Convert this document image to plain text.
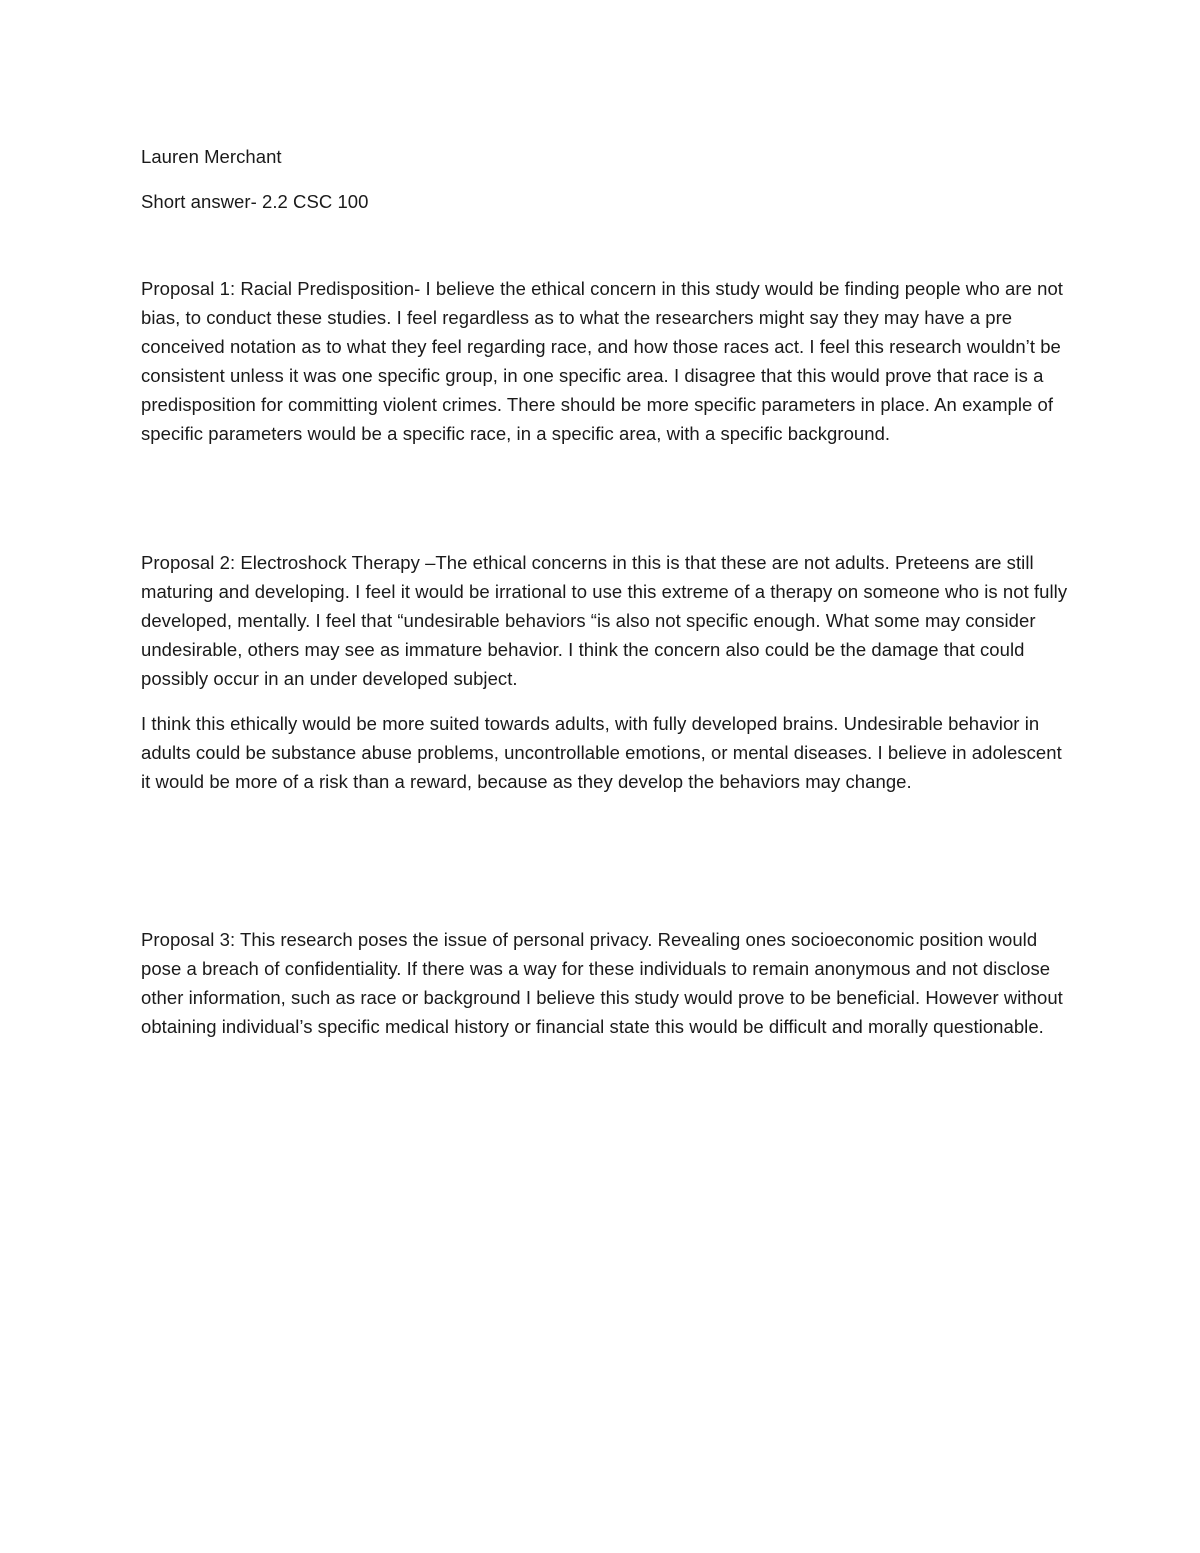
Lauren Merchant

Short answer- 2.2 CSC 100

Proposal 1: Racial Predisposition- I believe the ethical concern in this study would be finding people who are not bias, to conduct these studies. I feel regardless as to what the researchers might say they may have a pre conceived notation as to what they feel regarding race, and how those races act. I feel this research wouldn’t be consistent unless it was one specific group, in one specific area. I disagree that this would prove that race is a predisposition for committing violent crimes. There should be more specific parameters in place. An example of specific parameters would be a specific race, in a specific area, with a specific background.

Proposal 2: Electroshock Therapy –The ethical concerns in this is that these are not adults. Preteens are still maturing and developing. I feel it would be irrational to use this extreme of a therapy on someone who is not fully developed, mentally. I feel that “undesirable behaviors “is also not specific enough. What some may consider undesirable, others may see as immature behavior. I think the concern also could be the damage that could possibly occur in an under developed subject.

I think this ethically would be more suited towards adults, with fully developed brains. Undesirable behavior in adults could be substance abuse problems, uncontrollable emotions, or mental diseases. I believe in adolescent it would be more of a risk than a reward, because as they develop the behaviors may change.

Proposal 3: This research poses the issue of personal privacy. Revealing ones socioeconomic position would pose a breach of confidentiality. If there was a way for these individuals to remain anonymous and not disclose other information, such as race or background I believe this study would prove to be beneficial. However without obtaining individual’s specific medical history or financial state this would be difficult and morally questionable.
